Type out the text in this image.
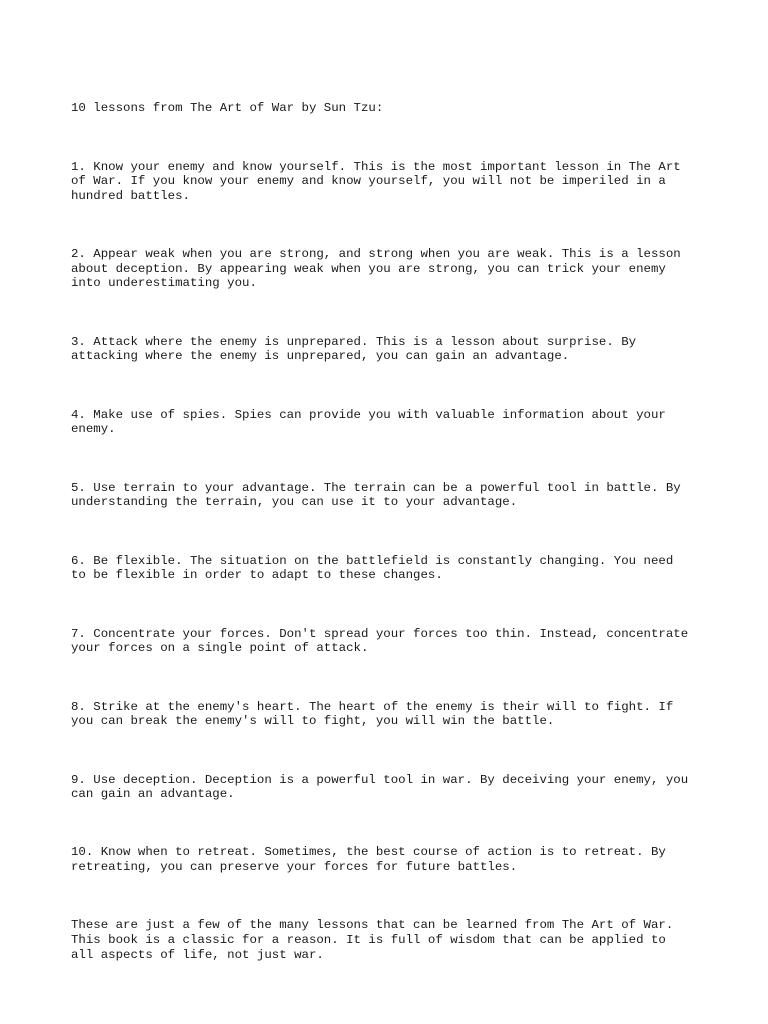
10 lessons from The Art of War by Sun Tzu:

1. Know your enemy and know yourself. This is the most important lesson in The Art
of War. If you know your enemy and know yourself, you will not be imperiled in a
hundred battles.

2. Appear weak when you are strong, and strong when you are weak. This is a lesson
about deception. By appearing weak when you are strong, you can trick your enemy
into underestimating you.

3. Attack where the enemy is unprepared. This is a lesson about surprise. By
attacking where the enemy is unprepared, you can gain an advantage.

4. Make use of spies. Spies can provide you with valuable information about your
enemy.

5. Use terrain to your advantage. The terrain can be a powerful tool in battle. By
understanding the terrain, you can use it to your advantage.

6. Be flexible. The situation on the battlefield is constantly changing. You need
to be flexible in order to adapt to these changes.

7. Concentrate your forces. Don't spread your forces too thin. Instead, concentrate
your forces on a single point of attack.

8. Strike at the enemy's heart. The heart of the enemy is their will to fight. If
you can break the enemy's will to fight, you will win the battle.

9. Use deception. Deception is a powerful tool in war. By deceiving your enemy, you
can gain an advantage.

10. Know when to retreat. Sometimes, the best course of action is to retreat. By
retreating, you can preserve your forces for future battles.

These are just a few of the many lessons that can be learned from The Art of War.
This book is a classic for a reason. It is full of wisdom that can be applied to
all aspects of life, not just war.
